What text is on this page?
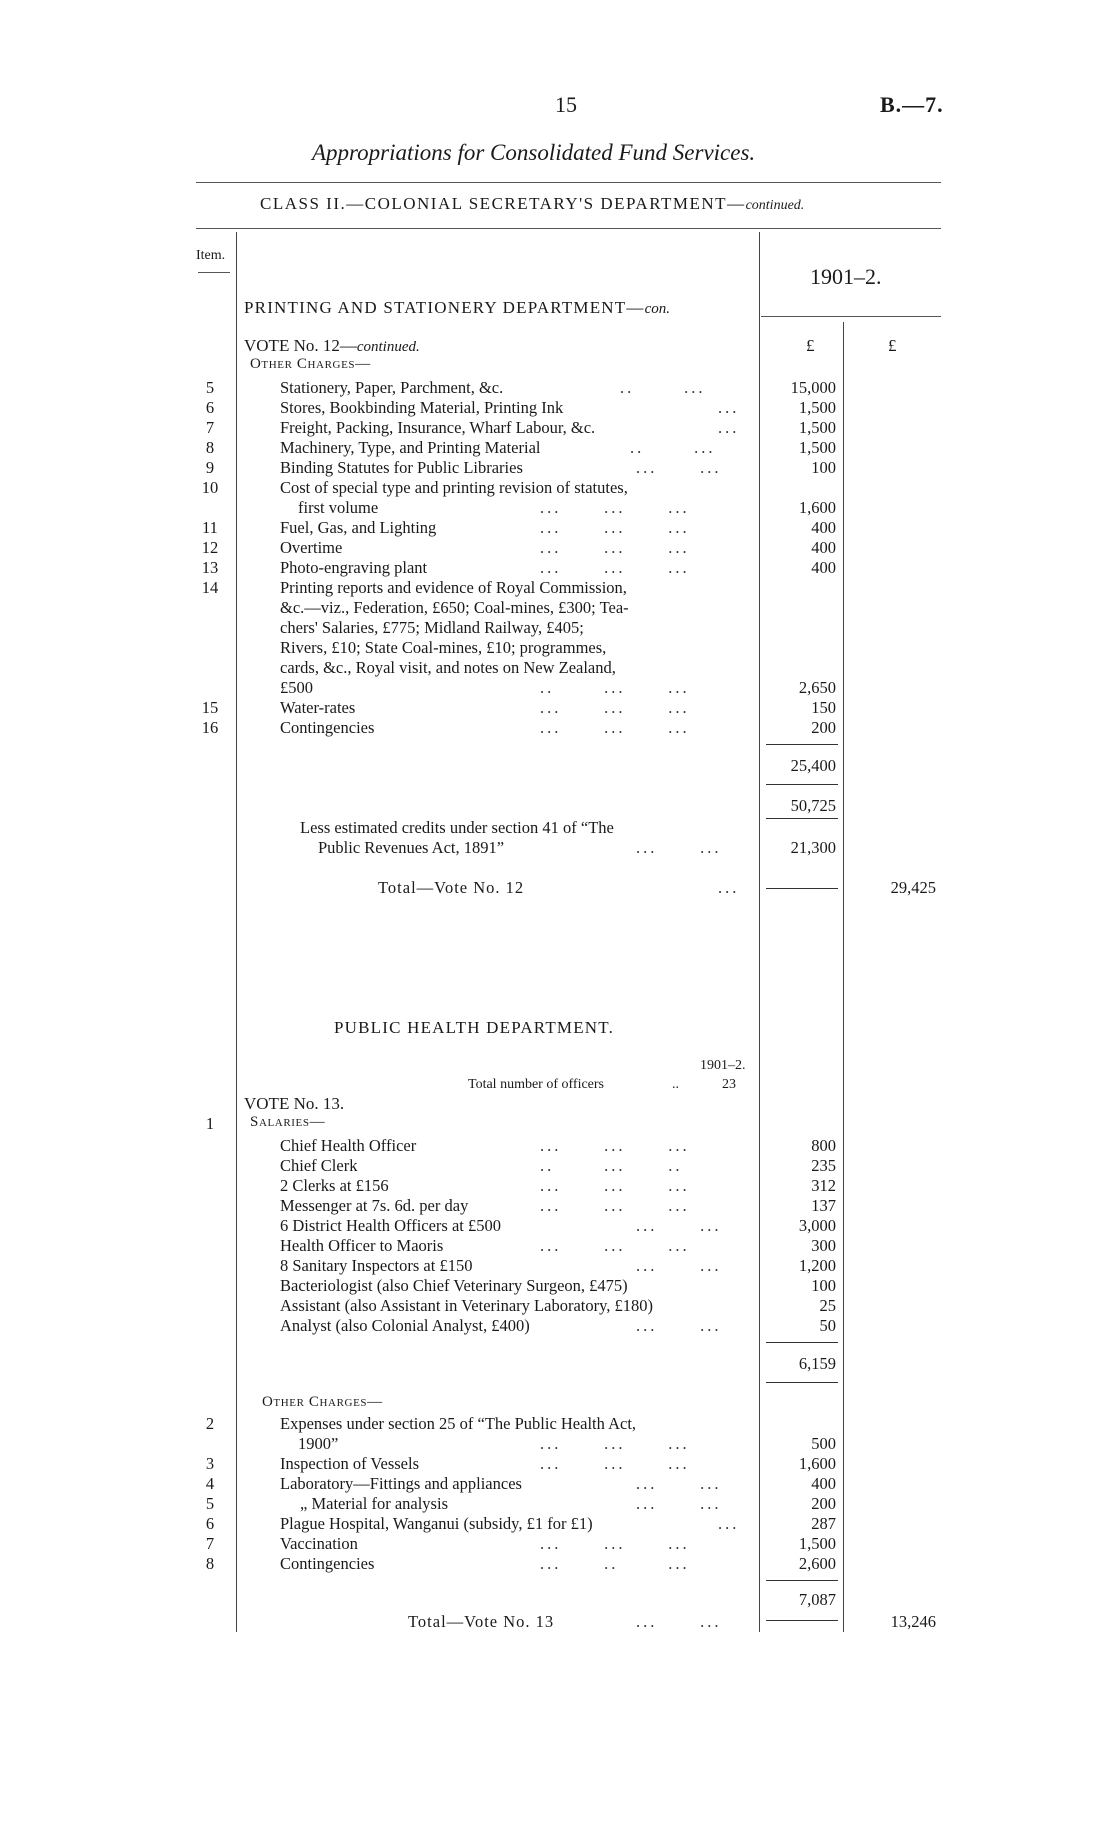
15	B.—7.
Appropriations for Consolidated Fund Services.
CLASS II.—COLONIAL SECRETARY'S DEPARTMENT—continued.
Item.
1901–2.
£	£
PRINTING AND STATIONERY DEPARTMENT—con.
VOTE No. 12—continued.
Other Charges—
5	Stationery, Paper, Parchment, &c.	..       ...	15,000
6	Stores, Bookbinding Material, Printing Ink	...	1,500
7	Freight, Packing, Insurance, Wharf Labour, &c.	...	1,500
8	Machinery, Type, and Printing Material	..       ...	1,500
9	Binding Statutes for Public Libraries	...      ...	100
10	Cost of special type and printing revision of statutes,
first volume	...      ...      ...	1,600
11	Fuel, Gas, and Lighting	...      ...      ...	400
12	Overtime	...      ...      ...	400
13	Photo-engraving plant	...      ...      ...	400
14	Printing reports and evidence of Royal Commission,
&c.—viz., Federation, £650; Coal-mines, £300; Tea-
chers' Salaries, £775; Midland Railway, £405;
Rivers, £10; State Coal-mines, £10; programmes,
cards, &c., Royal visit, and notes on New Zealand,
£500	..       ...      ...	2,650
15	Water-rates	...      ...      ...	150
16	Contingencies	...      ...      ...	200
25,400
50,725
Less estimated credits under section 41 of “The
Public Revenues Act, 1891”	...      ...	21,300
Total—Vote No. 12	...	29,425
PUBLIC HEALTH DEPARTMENT.
1901–2.
Total number of officers	..	23
VOTE No. 13.
1	Salaries—
Chief Health Officer	...      ...      ...	800
Chief Clerk	..       ...      ..	235
2 Clerks at £156	...      ...      ...	312
Messenger at 7s. 6d. per day	...      ...      ...	137
6 District Health Officers at £500	...      ...	3,000
Health Officer to Maoris	...      ...      ...	300
8 Sanitary Inspectors at £150	...      ...	1,200
Bacteriologist (also Chief Veterinary Surgeon, £475)	100
Assistant (also Assistant in Veterinary Laboratory, £180)	25
Analyst (also Colonial Analyst, £400)	...      ...	50
6,159
Other Charges—
2	Expenses under section 25 of “The Public Health Act,
1900”	...      ...      ...	500
3	Inspection of Vessels	...      ...      ...	1,600
4	Laboratory—Fittings and appliances	...      ...	400
5	„ Material for analysis	...      ...	200
6	Plague Hospital, Wanganui (subsidy, £1 for £1)	...	287
7	Vaccination	...      ...      ...	1,500
8	Contingencies	...      ..       ...	2,600
7,087
Total—Vote No. 13	...      ...	13,246
